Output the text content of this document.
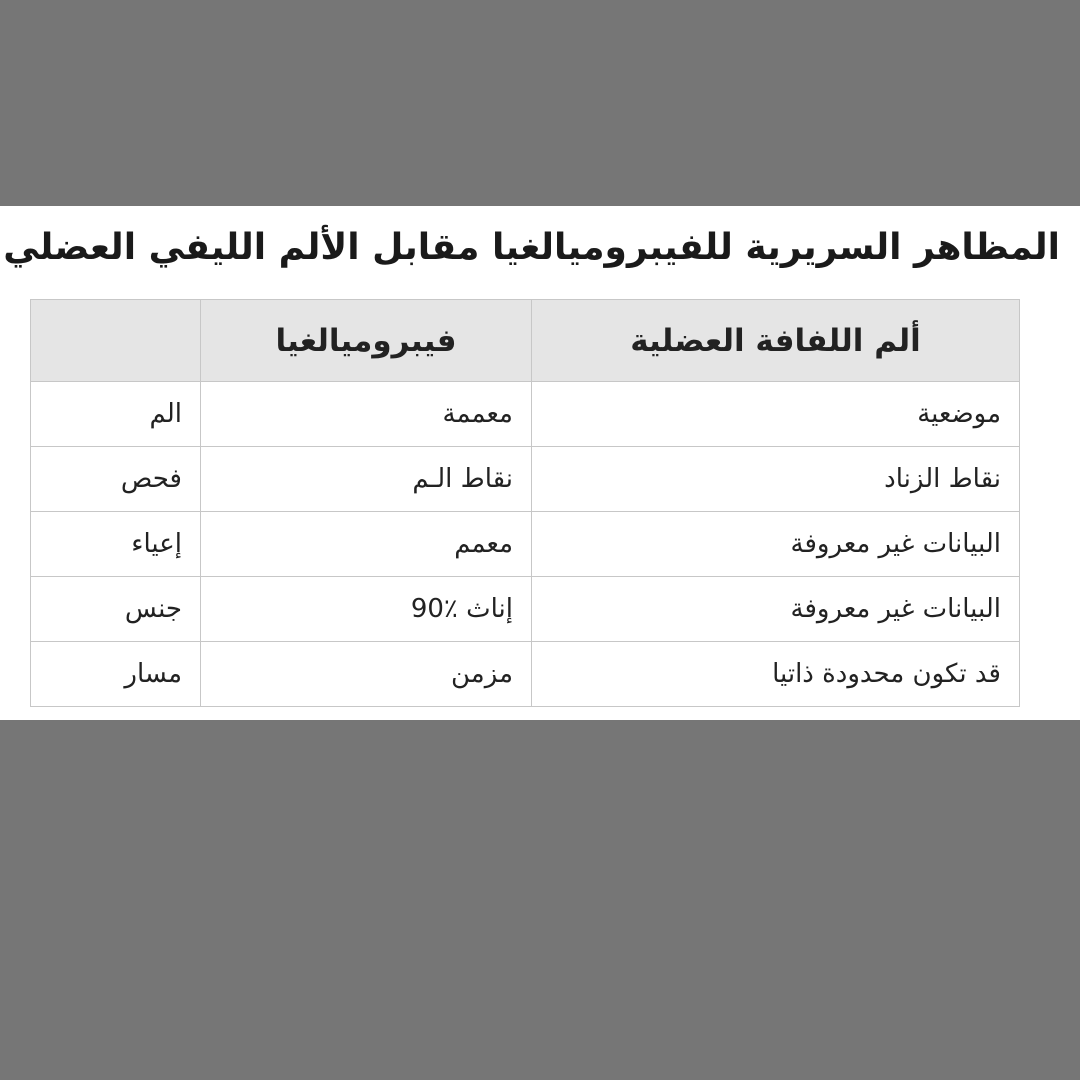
المظاهر السريرية للفيبروميالغيا مقابل الألم الليفي العضلي
	فيبروميالغيا	ألم اللفافة العضلية
الم	معممة	موضعية
فحص	نقاط الـم	نقاط الزناد
إعياء	معمم	البيانات غير معروفة
جنس	إناث ٪90	البيانات غير معروفة
مسار	مزمن	قد تكون محدودة ذاتيا
